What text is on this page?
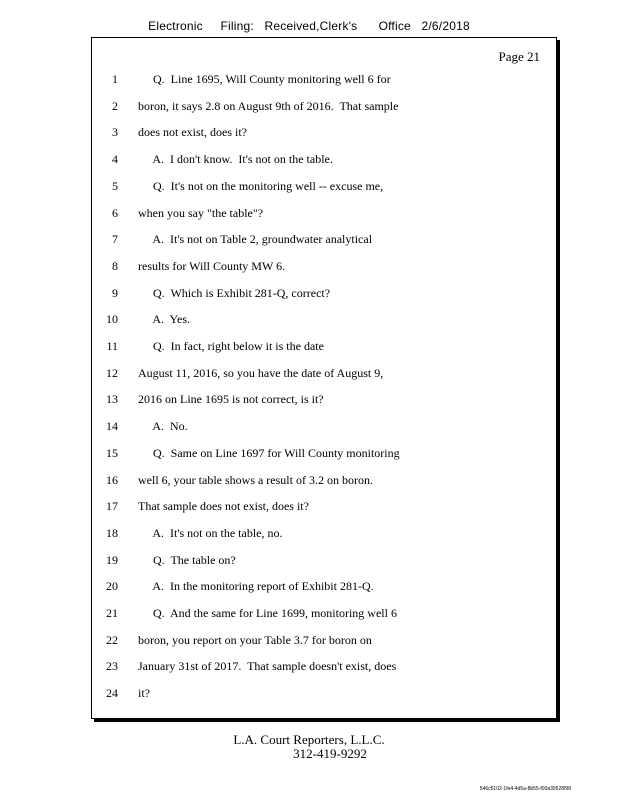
Electronic     Filing:   Received,Clerk's      Office   2/6/2018
Page 21
1 Q.  Line 1695, Will County monitoring well 6 for
2 boron, it says 2.8 on August 9th of 2016.  That sample
3 does not exist, does it?
4 A.  I don't know.  It's not on the table.
5 Q.  It's not on the monitoring well -- excuse me,
6 when you say "the table"?
7 A.  It's not on Table 2, groundwater analytical
8 results for Will County MW 6.
9 Q.  Which is Exhibit 281-Q, correct?
10 A.  Yes.
11 Q.  In fact, right below it is the date
12 August 11, 2016, so you have the date of August 9,
13 2016 on Line 1695 is not correct, is it?
14 A.  No.
15 Q.  Same on Line 1697 for Will County monitoring
16 well 6, your table shows a result of 3.2 on boron.
17 That sample does not exist, does it?
18 A.  It's not on the table, no.
19 Q.  The table on?
20 A.  In the monitoring report of Exhibit 281-Q.
21 Q.  And the same for Line 1699, monitoring well 6
22 boron, you report on your Table 3.7 for boron on
23 January 31st of 2017.  That sample doesn't exist, does
24 it?
L.A. Court Reporters, L.L.C.
312-419-9292
546c5102-1fe4-4d5a-8b55-f00a39528f98
